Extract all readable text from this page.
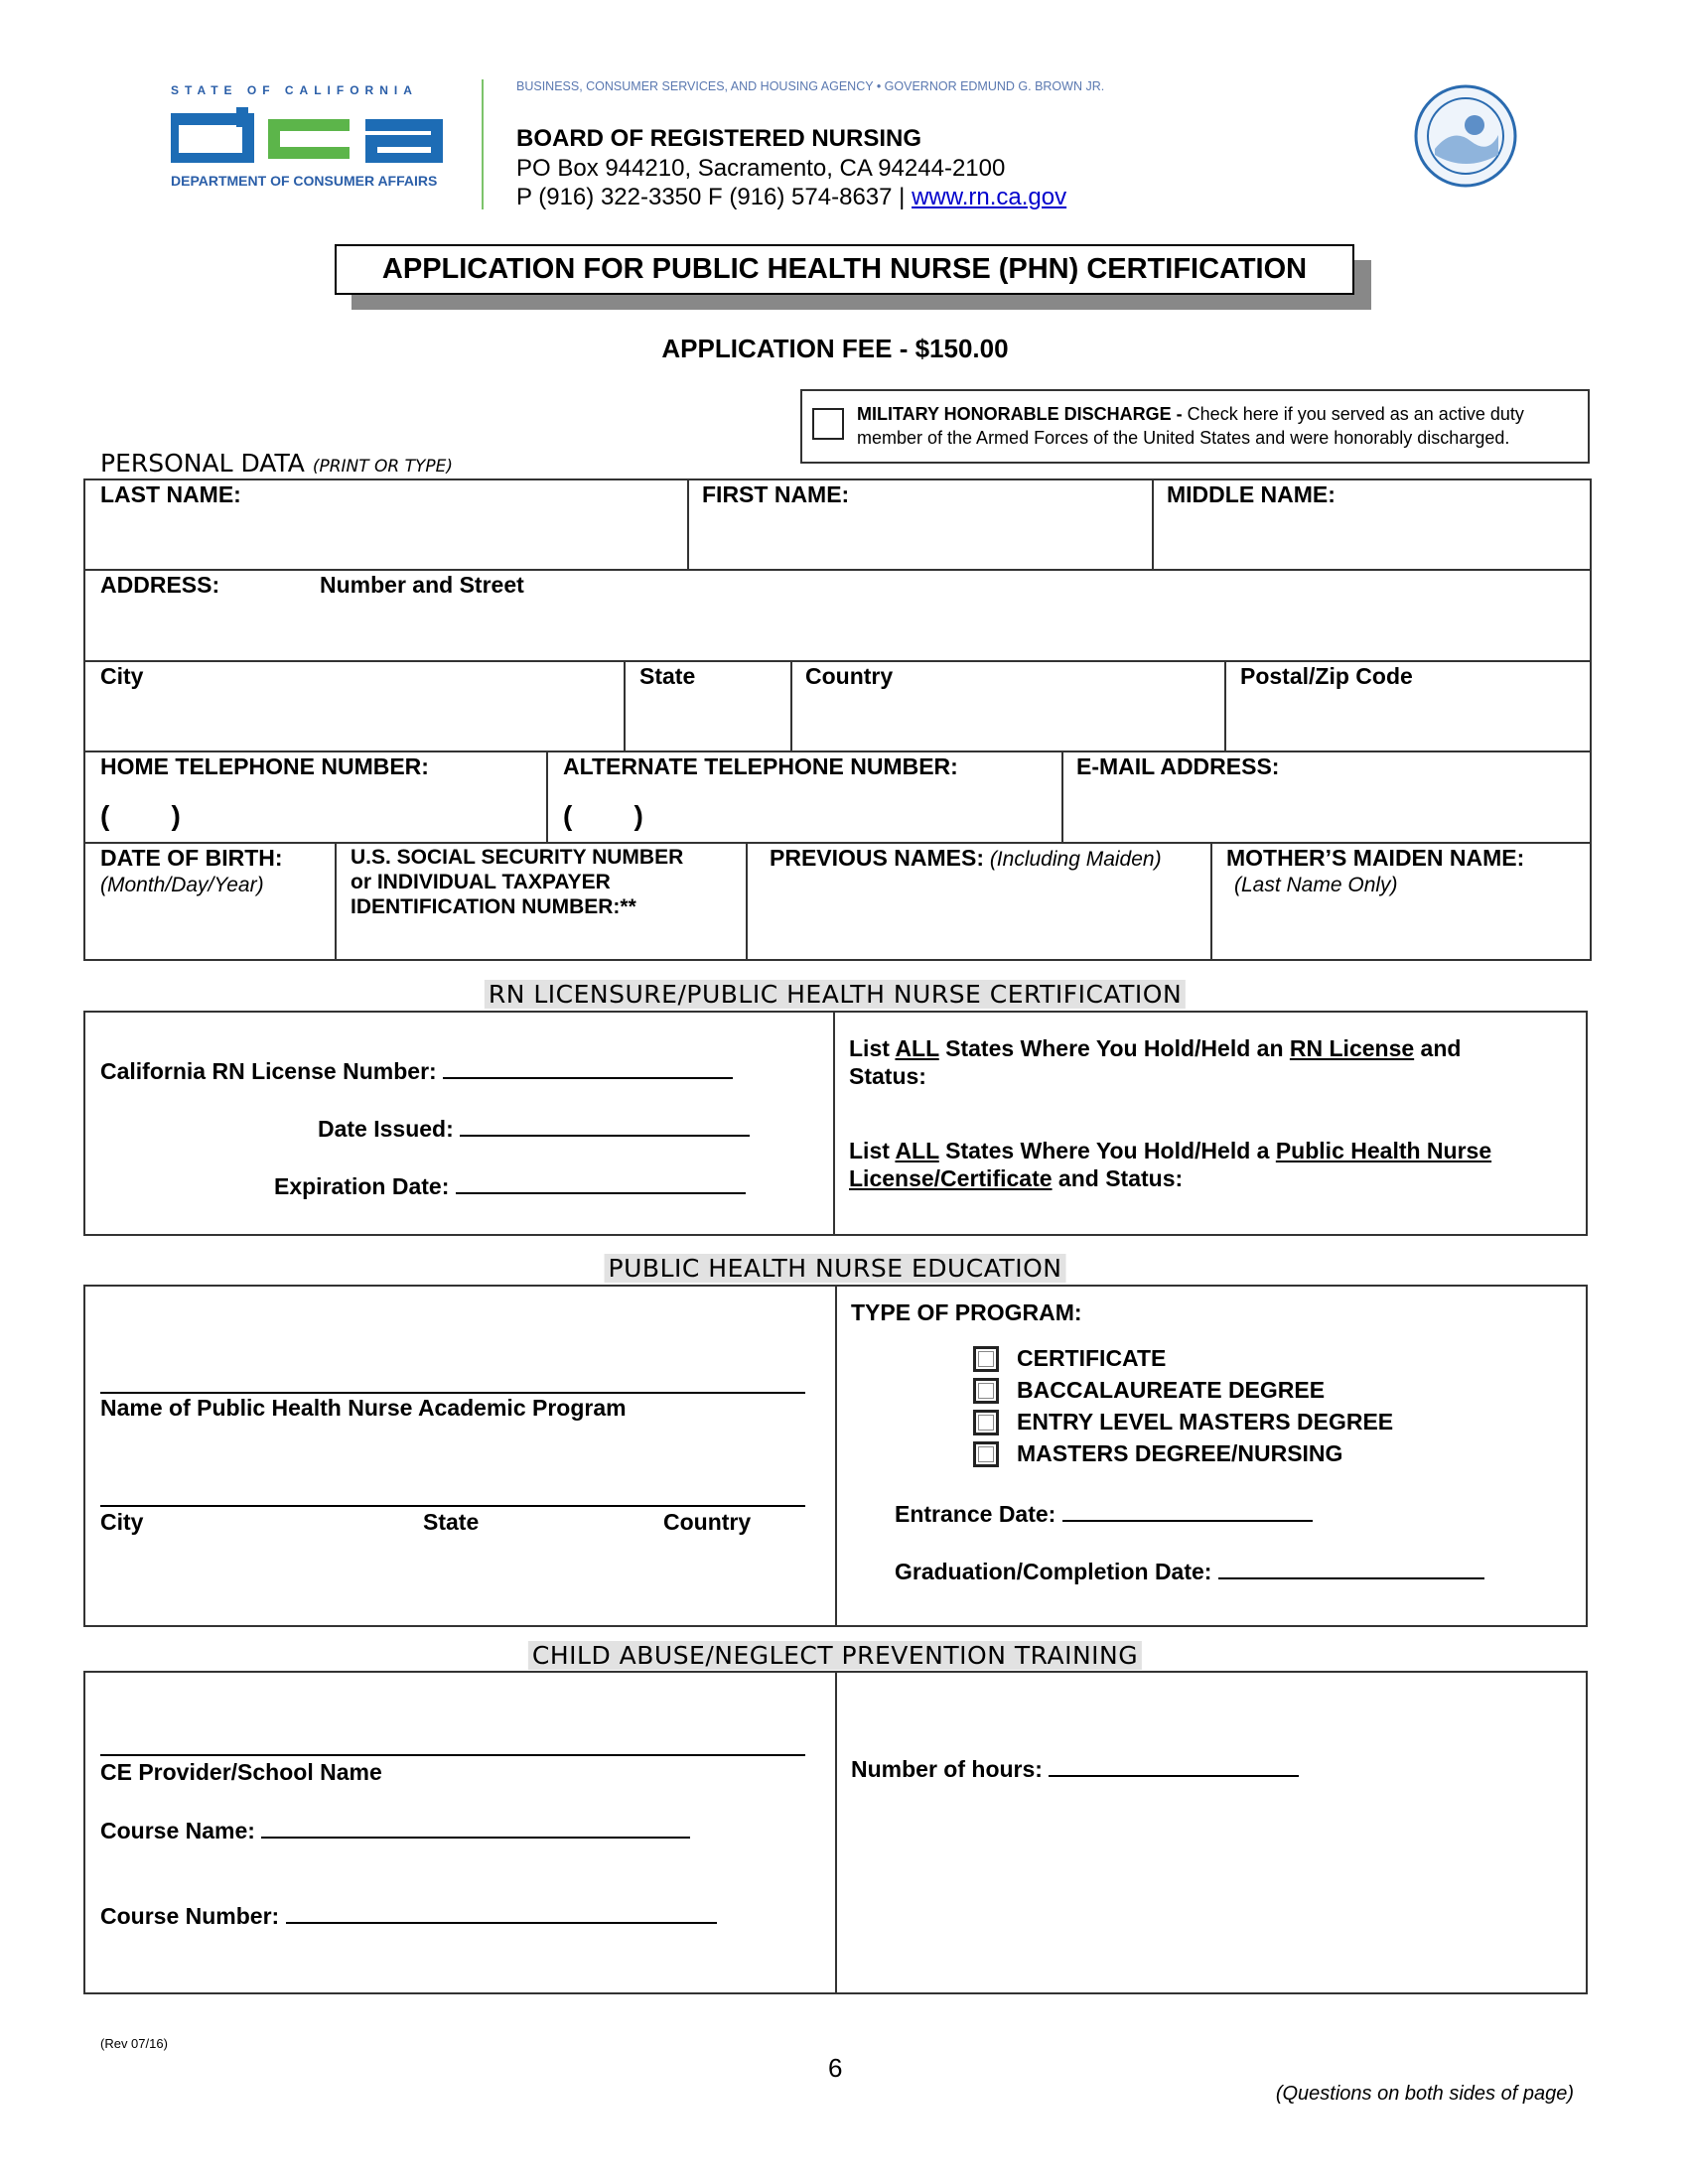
STATE OF CALIFORNIA
DEPARTMENT OF CONSUMER AFFAIRS
BUSINESS, CONSUMER SERVICES, AND HOUSING AGENCY • GOVERNOR EDMUND G. BROWN JR.
BOARD OF REGISTERED NURSING
PO Box 944210, Sacramento, CA 94244-2100
P (916) 322-3350 F (916) 574-8637 | www.rn.ca.gov
APPLICATION FOR PUBLIC HEALTH NURSE (PHN) CERTIFICATION
APPLICATION FEE - $150.00
MILITARY HONORABLE DISCHARGE - Check here if you served as an active duty
member of the Armed Forces of the United States and were honorably discharged.
PERSONAL DATA (PRINT OR TYPE)
LAST NAME:	FIRST NAME:	MIDDLE NAME:
ADDRESS:	Number and Street
City	State	Country	Postal/Zip Code
HOME TELEPHONE NUMBER:
(        )
ALTERNATE TELEPHONE NUMBER:
(        )
E-MAIL ADDRESS:
DATE OF BIRTH:
(Month/Day/Year)
U.S. SOCIAL SECURITY NUMBER
or INDIVIDUAL TAXPAYER
IDENTIFICATION NUMBER:**
PREVIOUS NAMES: (Including Maiden)	MOTHER’S MAIDEN NAME:
(Last Name Only)
RN LICENSURE/PUBLIC HEALTH NURSE CERTIFICATION
California RN License Number:
Date Issued:
Expiration Date:
List ALL States Where You Hold/Held an RN License and
Status:
List ALL States Where You Hold/Held a Public Health Nurse
License/Certificate and Status:
PUBLIC HEALTH NURSE EDUCATION
Name of Public Health Nurse Academic Program
City	State	Country
TYPE OF PROGRAM:
CERTIFICATE
BACCALAUREATE DEGREE
ENTRY LEVEL MASTERS DEGREE
MASTERS DEGREE/NURSING
Entrance Date:
Graduation/Completion Date:
CHILD ABUSE/NEGLECT PREVENTION TRAINING
CE Provider/School Name
Course Name:
Course Number:
Number of hours:
(Rev 07/16)
6
(Questions on both sides of page)
